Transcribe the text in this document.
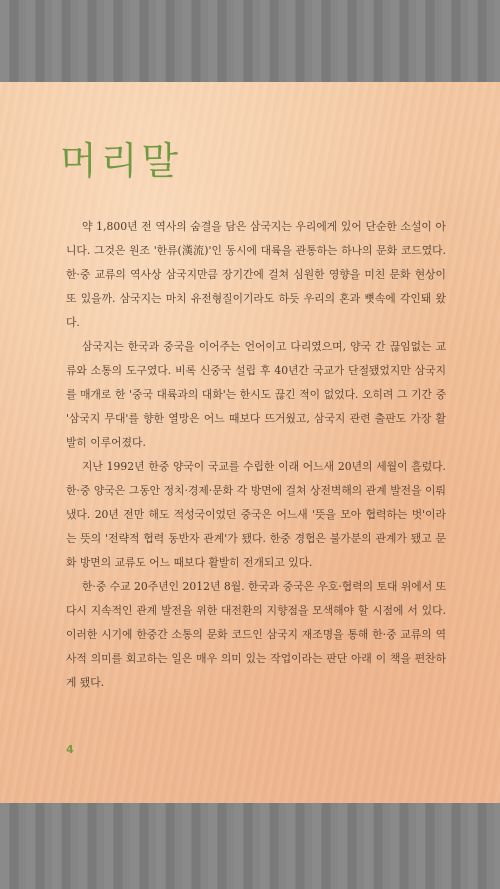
머리말

약 1,800년 전 역사의 숨결을 담은 삼국지는 우리에게 있어 단순한 소설이 아니다. 그것은 원조 '한류(漢流)'인 동시에 대륙을 관통하는 하나의 문화 코드였다. 한·중 교류의 역사상 삼국지만큼 장기간에 걸쳐 심원한 영향을 미친 문화 현상이 또 있을까. 삼국지는 마치 유전형질이기라도 하듯 우리의 혼과 뼛속에 각인돼 왔다.

삼국지는 한국과 중국을 이어주는 언어이고 다리였으며, 양국 간 끊임없는 교류와 소통의 도구였다. 비록 신중국 설립 후 40년간 국교가 단절됐었지만 삼국지를 매개로 한 '중국 대륙과의 대화'는 한시도 끊긴 적이 없었다. 오히려 그 기간 중 '삼국지 무대'를 향한 열망은 어느 때보다 뜨거웠고, 삼국지 관련 출판도 가장 활발히 이루어졌다.

지난 1992년 한중 양국이 국교를 수립한 이래 어느새 20년의 세월이 흘렀다. 한·중 양국은 그동안 정치·경제·문화 각 방면에 걸쳐 상전벽해의 관계 발전을 이뤄냈다. 20년 전만 해도 적성국이었던 중국은 어느새 '뜻을 모아 협력하는 벗'이라는 뜻의 '전략적 협력 동반자 관계'가 됐다. 한중 경협은 불가분의 관계가 됐고 문화 방면의 교류도 어느 때보다 활발히 전개되고 있다.

한·중 수교 20주년인 2012년 8월. 한국과 중국은 우호·협력의 토대 위에서 또다시 지속적인 관계 발전을 위한 대전환의 지향점을 모색해야 할 시점에 서 있다. 이러한 시기에 한중간 소통의 문화 코드인 삼국지 재조명을 통해 한·중 교류의 역사적 의미를 회고하는 일은 매우 의미 있는 작업이라는 판단 아래 이 책을 편찬하게 됐다.

4
